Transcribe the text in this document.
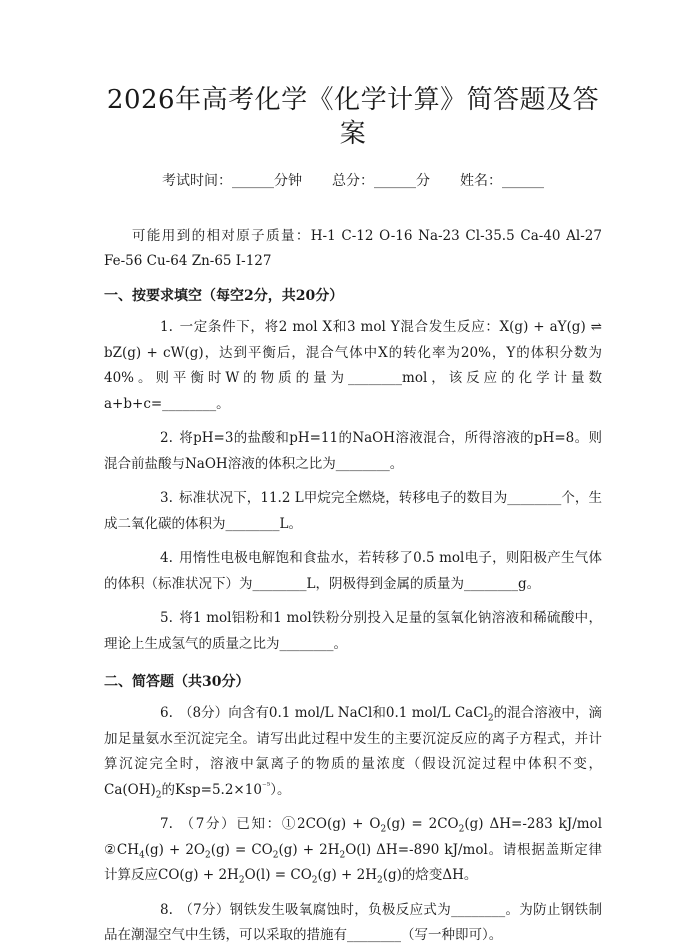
2026年高考化学《化学计算》简答题及答案
考试时间：______分钟 总分：______分 姓名：______
可能用到的相对原子质量：H-1 C-12 O-16 Na-23 Cl-35.5 Ca-40 Al-27 Fe-56 Cu-64 Zn-65 I-127
一、按要求填空（每空2分，共20分）
1. 一定条件下，将2 mol X和3 mol Y混合发生反应：X(g) + aY(g) ⇌ bZ(g) + cW(g)，达到平衡后，混合气体中X的转化率为20%，Y的体积分数为40%。则平衡时W的物质的量为________mol，该反应的化学计量数a+b+c=________。
2. 将pH=3的盐酸和pH=11的NaOH溶液混合，所得溶液的pH=8。则混合前盐酸与NaOH溶液的体积之比为________。
3. 标准状况下，11.2 L甲烷完全燃烧，转移电子的数目为________个，生成二氧化碳的体积为________L。
4. 用惰性电极电解饱和食盐水，若转移了0.5 mol电子，则阳极产生气体的体积（标准状况下）为________L，阴极得到金属的质量为________g。
5. 将1 mol铝粉和1 mol铁粉分别投入足量的氢氧化钠溶液和稀硫酸中，理论上生成氢气的质量之比为________。
二、简答题（共30分）
6. （8分）向含有0.1 mol/L NaCl和0.1 mol/L CaCl$_2$的混合溶液中，滴加足量氨水至沉淀完全。请写出此过程中发生的主要沉淀反应的离子方程式，并计算沉淀完全时，溶液中氯离子的物质的量浓度（假设沉淀过程中体积不变，$Ca(OH)_2$的$Ksp=5.2\times 10^{^{-5}}$）。
7. （7分）已知：①2CO(g) + $O_2(g) = 2CO_2(g)$ ΔH=-283 kJ/mol $②CH_4(g) + 2O_2(g) = CO_2(g) + 2H_2O(l)$ ΔH=-890 kJ/mol。请根据盖斯定律计算反应$CO(g) + 2H_2O(l) = CO_2(g) + 2H_2(g)$的焓变ΔH。
8. （7分）钢铁发生吸氧腐蚀时，负极反应式为________。为防止钢铁制品在潮湿空气中生锈，可以采取的措施有________（写一种即可）。
